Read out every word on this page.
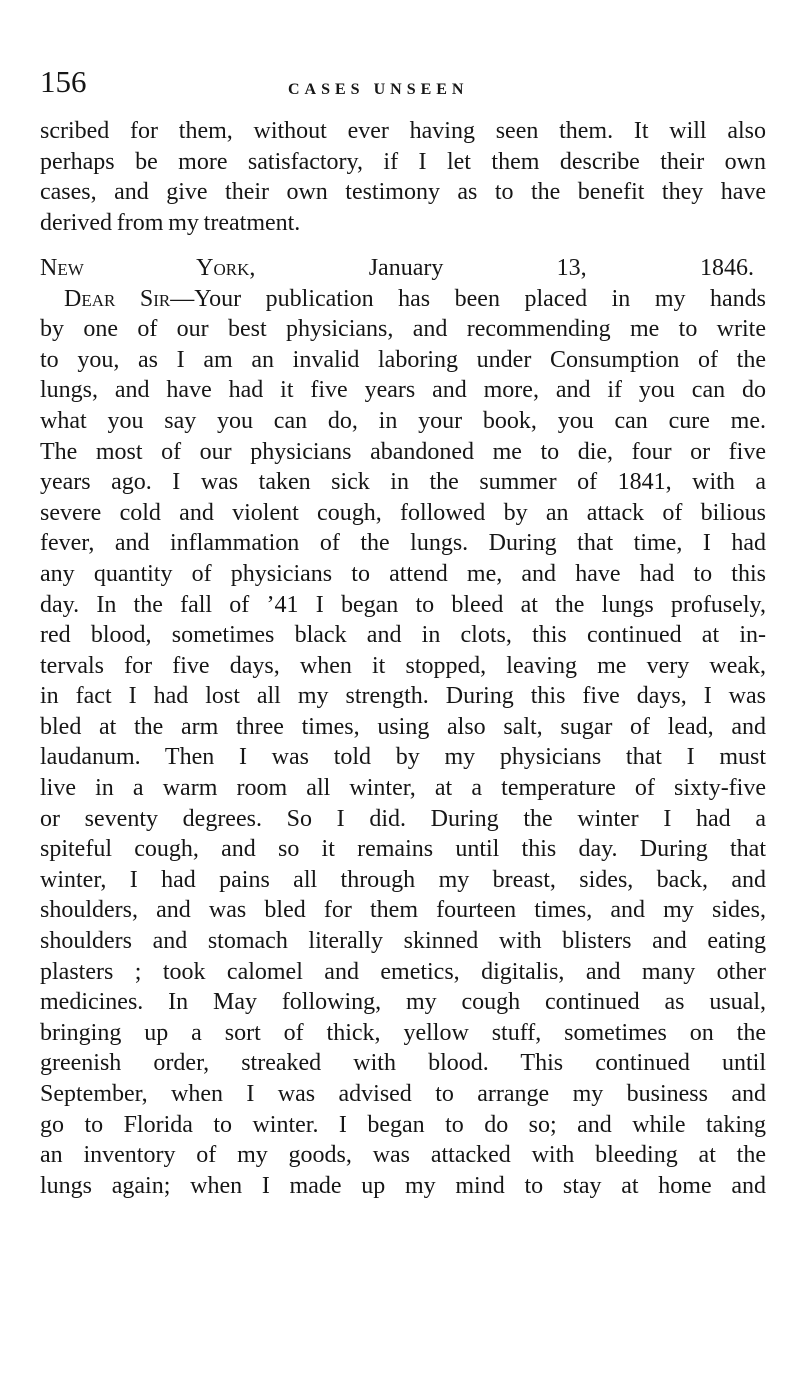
156	CASES UNSEEN
scribed for them, without ever having seen them. It will also
perhaps be more satisfactory, if I let them describe their own
cases, and give their own testimony as to the benefit they have
derived from my treatment.
New York,	January 13, 1846.
Dear Sir—Your publication has been placed in my hands
by one of our best physicians, and recommending me to write
to you, as I am an invalid laboring under Consumption of the
lungs, and have had it five years and more, and if you can do
what you say you can do, in your book, you can cure me.
The most of our physicians abandoned me to die, four or five
years ago. I was taken sick in the summer of 1841, with a
severe cold and violent cough, followed by an attack of bilious
fever, and inflammation of the lungs. During that time, I had
any quantity of physicians to attend me, and have had to this
day. In the fall of ’41 I began to bleed at the lungs profusely,
red blood, sometimes black and in clots, this continued at in-
tervals for five days, when it stopped, leaving me very weak,
in fact I had lost all my strength. During this five days, I was
bled at the arm three times, using also salt, sugar of lead, and
laudanum. Then I was told by my physicians that I must
live in a warm room all winter, at a temperature of sixty-five
or seventy degrees. So I did. During the winter I had a
spiteful cough, and so it remains until this day. During that
winter, I had pains all through my breast, sides, back, and
shoulders, and was bled for them fourteen times, and my sides,
shoulders and stomach literally skinned with blisters and eating
plasters ; took calomel and emetics, digitalis, and many other
medicines. In May following, my cough continued as usual,
bringing up a sort of thick, yellow stuff, sometimes on the
greenish order, streaked with blood. This continued until
September, when I was advised to arrange my business and
go to Florida to winter. I began to do so; and while taking
an inventory of my goods, was attacked with bleeding at the
lungs again; when I made up my mind to stay at home and
